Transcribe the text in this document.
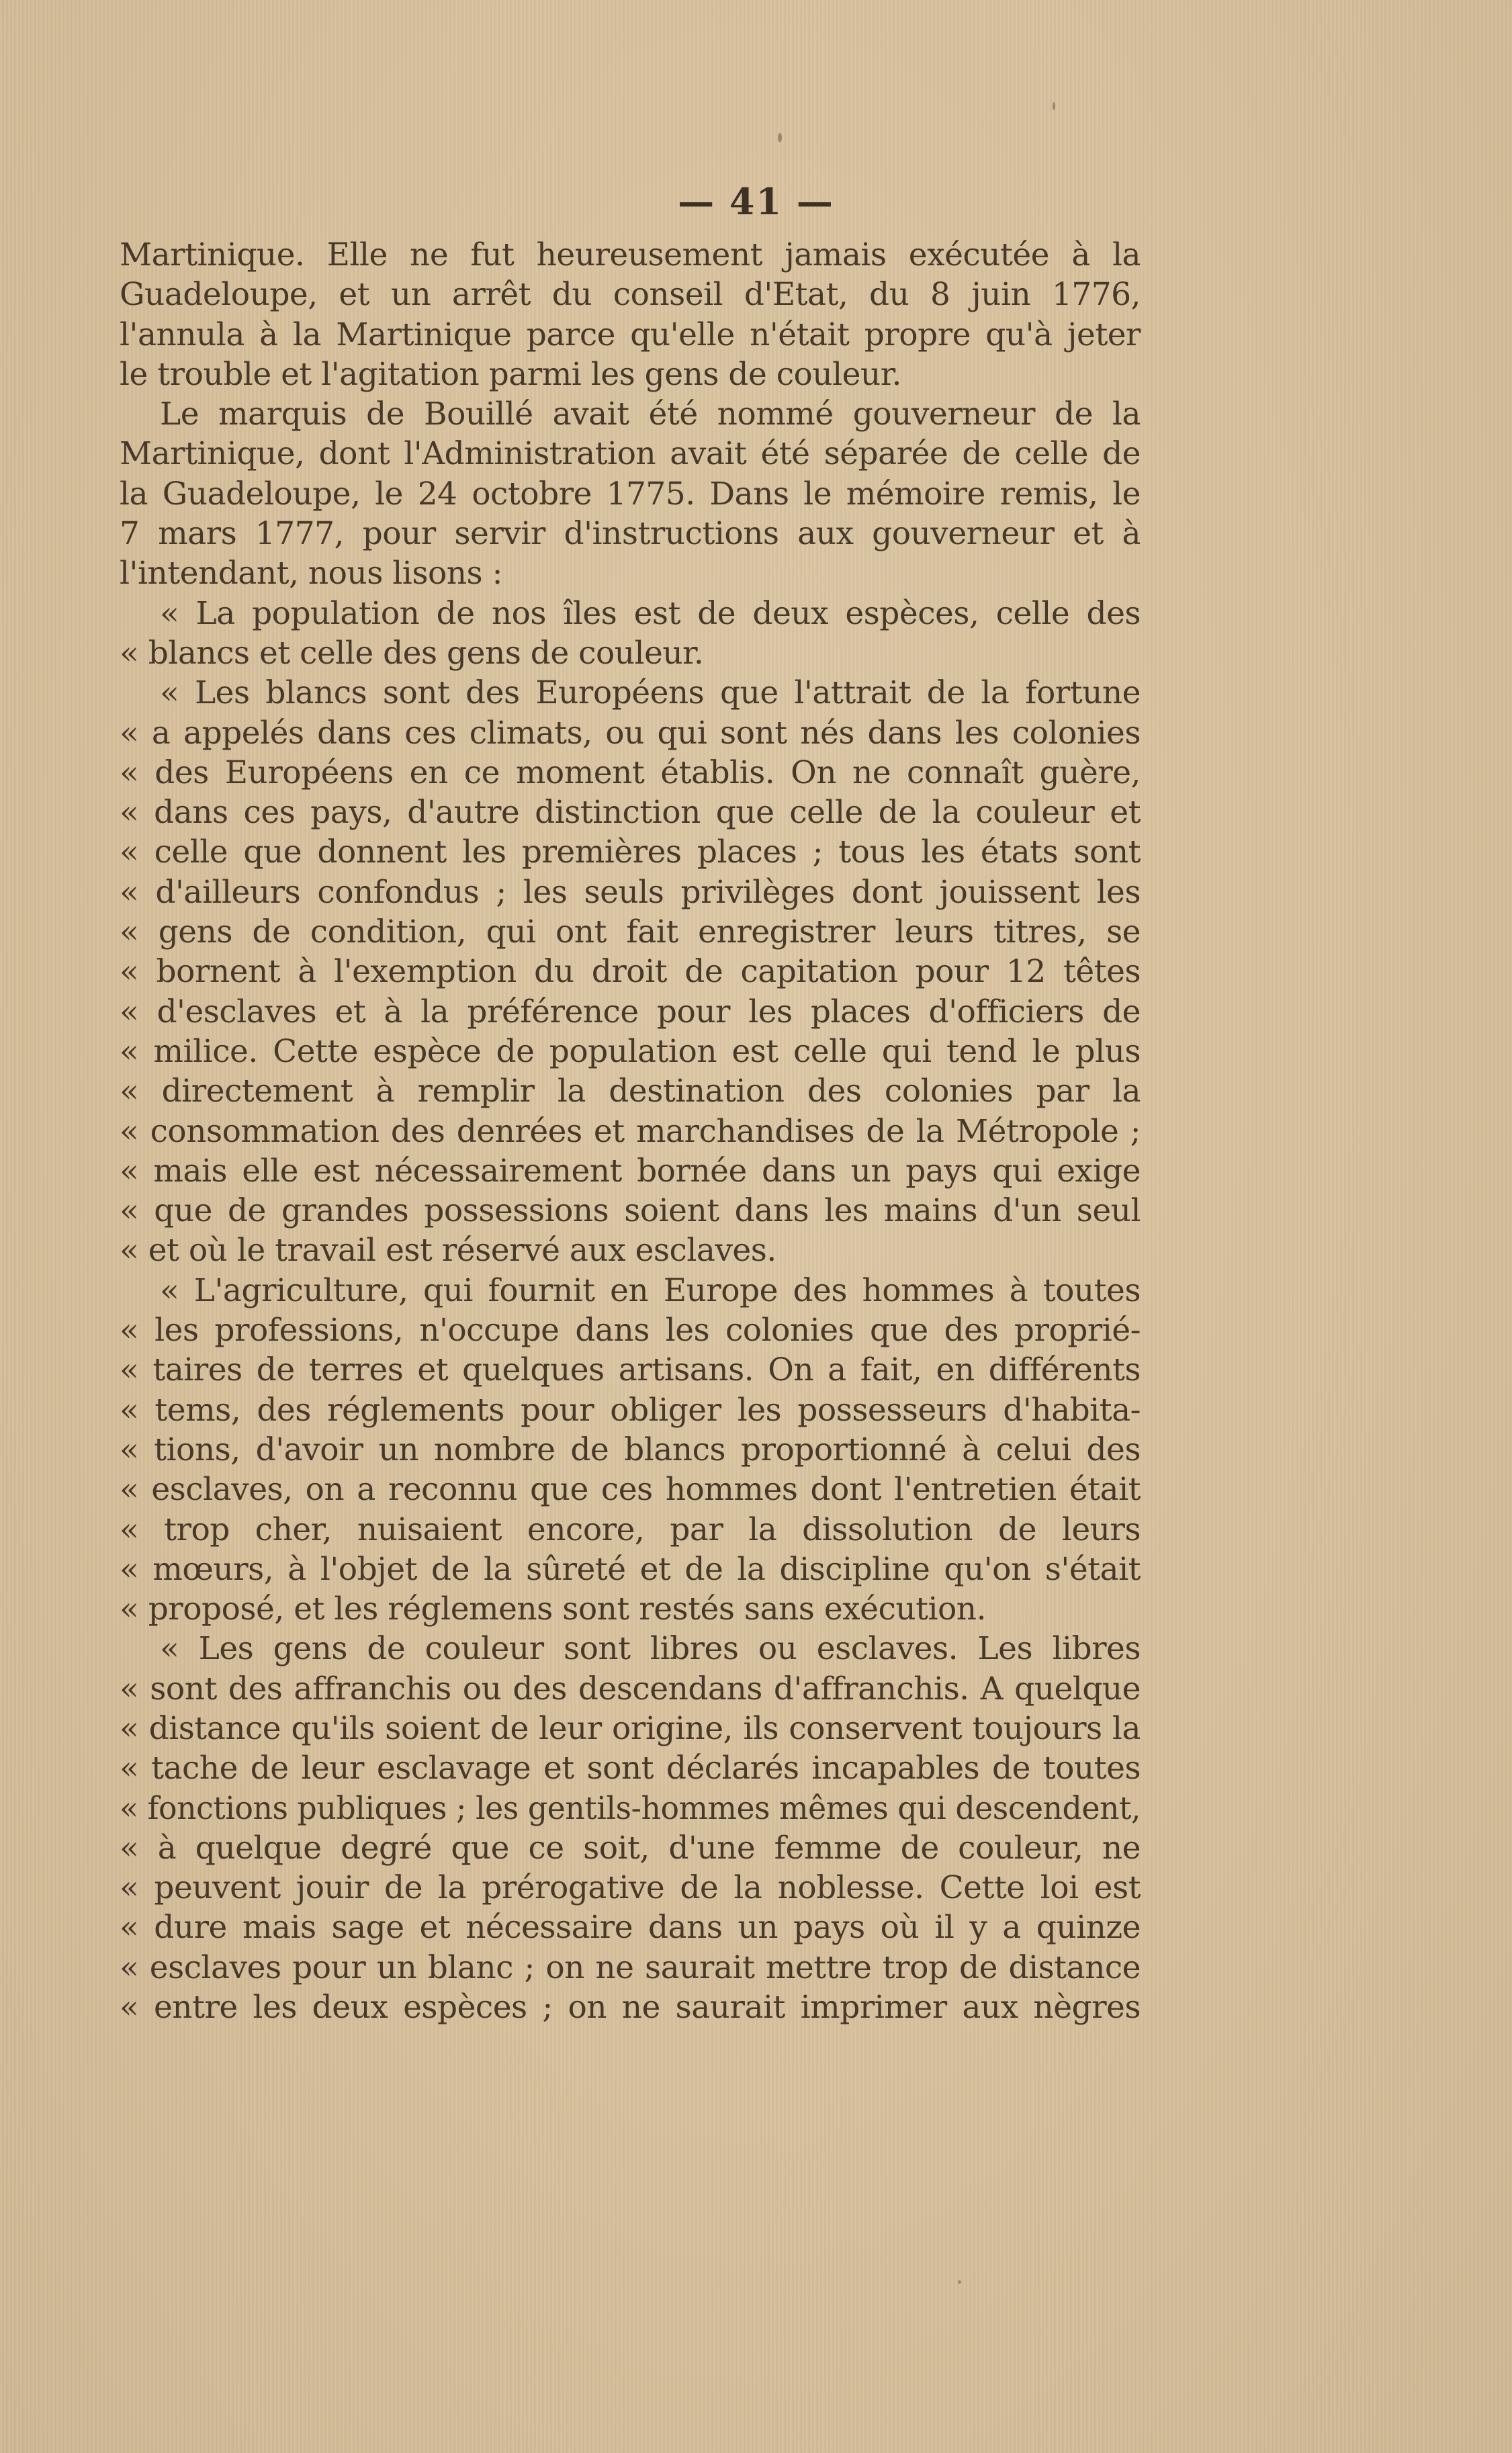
— 41 —
Martinique. Elle ne fut heureusement jamais exécutée à la
Guadeloupe, et un arrêt du conseil d'Etat, du 8 juin 1776,
l'annula à la Martinique parce qu'elle n'était propre qu'à jeter
le trouble et l'agitation parmi les gens de couleur.
Le marquis de Bouillé avait été nommé gouverneur de la
Martinique, dont l'Administration avait été séparée de celle de
la Guadeloupe, le 24 octobre 1775. Dans le mémoire remis, le
7 mars 1777, pour servir d'instructions aux gouverneur et à
l'intendant, nous lisons :
« La population de nos îles est de deux espèces, celle des
« blancs et celle des gens de couleur.
« Les blancs sont des Européens que l'attrait de la fortune
« a appelés dans ces climats, ou qui sont nés dans les colonies
« des Européens en ce moment établis. On ne connaît guère,
« dans ces pays, d'autre distinction que celle de la couleur et
« celle que donnent les premières places ; tous les états sont
« d'ailleurs confondus ; les seuls privilèges dont jouissent les
« gens de condition, qui ont fait enregistrer leurs titres, se
« bornent à l'exemption du droit de capitation pour 12 têtes
« d'esclaves et à la préférence pour les places d'officiers de
« milice. Cette espèce de population est celle qui tend le plus
« directement à remplir la destination des colonies par la
« consommation des denrées et marchandises de la Métropole ;
« mais elle est nécessairement bornée dans un pays qui exige
« que de grandes possessions soient dans les mains d'un seul
« et où le travail est réservé aux esclaves.
« L'agriculture, qui fournit en Europe des hommes à toutes
« les professions, n'occupe dans les colonies que des proprié-
« taires de terres et quelques artisans. On a fait, en différents
« tems, des réglements pour obliger les possesseurs d'habita-
« tions, d'avoir un nombre de blancs proportionné à celui des
« esclaves, on a reconnu que ces hommes dont l'entretien était
« trop cher, nuisaient encore, par la dissolution de leurs
« mœurs, à l'objet de la sûreté et de la discipline qu'on s'était
« proposé, et les réglemens sont restés sans exécution.
« Les gens de couleur sont libres ou esclaves. Les libres
« sont des affranchis ou des descendans d'affranchis. A quelque
« distance qu'ils soient de leur origine, ils conservent toujours la
« tache de leur esclavage et sont déclarés incapables de toutes
« fonctions publiques ; les gentils-hommes mêmes qui descendent,
« à quelque degré que ce soit, d'une femme de couleur, ne
« peuvent jouir de la prérogative de la noblesse. Cette loi est
« dure mais sage et nécessaire dans un pays où il y a quinze
« esclaves pour un blanc ; on ne saurait mettre trop de distance
« entre les deux espèces ; on ne saurait imprimer aux nègres
